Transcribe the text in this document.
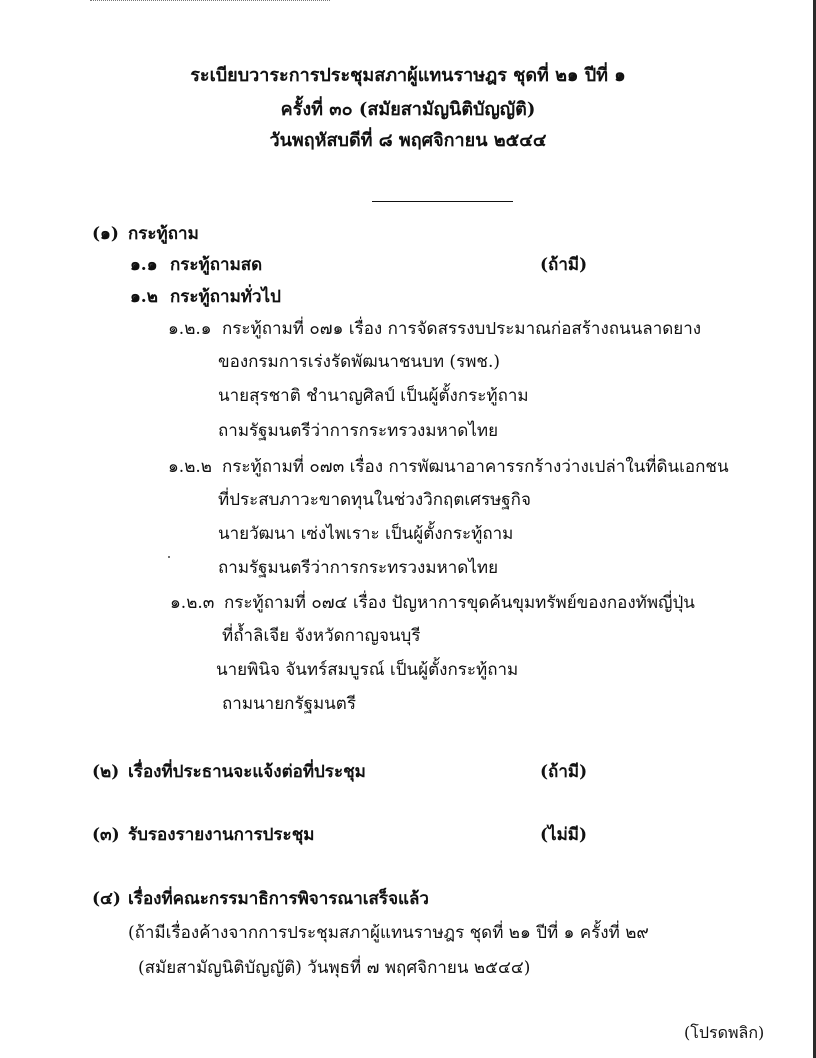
ระเบียบวาระการประชุมสภาผู้แทนราษฎร ชุดที่ ๒๑ ปีที่ ๑
ครั้งที่ ๓๐ (สมัยสามัญนิติบัญญัติ)
วันพฤหัสบดีที่ ๘ พฤศจิกายน ๒๕๔๔
(๑) กระทู้ถาม
๑.๑ กระทู้ถามสด	(ถ้ามี)
๑.๒ กระทู้ถามทั่วไป
๑.๒.๑ กระทู้ถามที่ ๐๗๑ เรื่อง การจัดสรรงบประมาณก่อสร้างถนนลาดยาง
ของกรมการเร่งรัดพัฒนาชนบท (รพช.)
นายสุรชาติ ชำนาญศิลป์ เป็นผู้ตั้งกระทู้ถาม
ถามรัฐมนตรีว่าการกระทรวงมหาดไทย
๑.๒.๒ กระทู้ถามที่ ๐๗๓ เรื่อง การพัฒนาอาคารรกร้างว่างเปล่าในที่ดินเอกชน
ที่ประสบภาวะขาดทุนในช่วงวิกฤตเศรษฐกิจ
นายวัฒนา เซ่งไพเราะ เป็นผู้ตั้งกระทู้ถาม
ถามรัฐมนตรีว่าการกระทรวงมหาดไทย
๑.๒.๓ กระทู้ถามที่ ๐๗๔ เรื่อง ปัญหาการขุดค้นขุมทรัพย์ของกองทัพญี่ปุ่น
ที่ถ้ำลิเจีย จังหวัดกาญจนบุรี
นายพินิจ จันทร์สมบูรณ์ เป็นผู้ตั้งกระทู้ถาม
ถามนายกรัฐมนตรี
(๒) เรื่องที่ประธานจะแจ้งต่อที่ประชุม	(ถ้ามี)
(๓) รับรองรายงานการประชุม	(ไม่มี)
(๔) เรื่องที่คณะกรรมาธิการพิจารณาเสร็จแล้ว
(ถ้ามีเรื่องค้างจากการประชุมสภาผู้แทนราษฎร ชุดที่ ๒๑ ปีที่ ๑ ครั้งที่ ๒๙
(สมัยสามัญนิติบัญญัติ) วันพุธที่ ๗ พฤศจิกายน ๒๕๔๔)
(โปรดพลิก)
